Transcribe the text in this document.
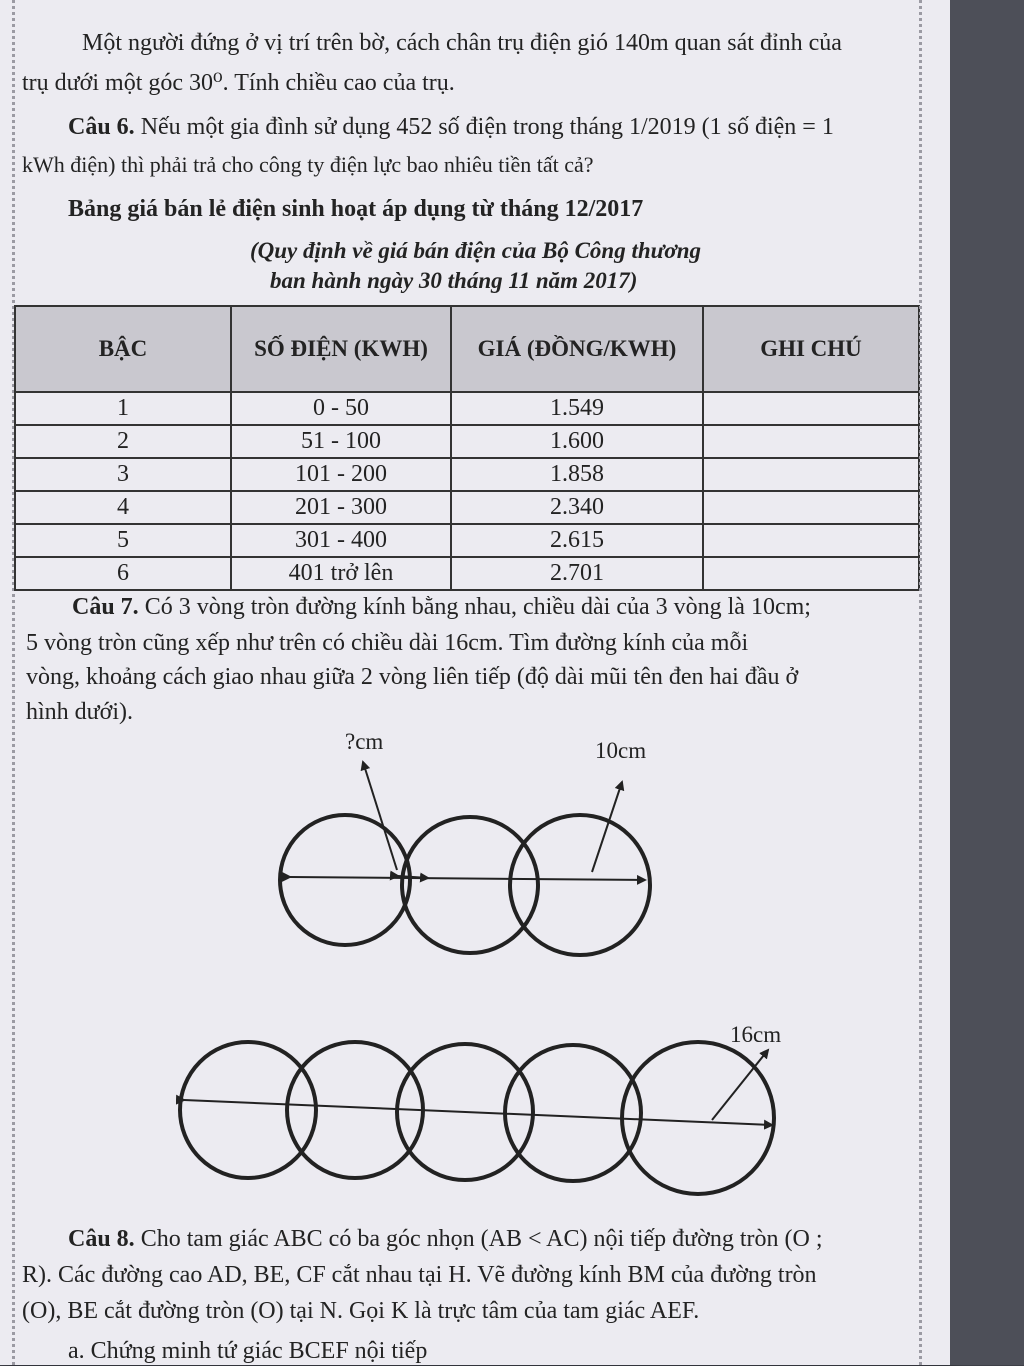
Một người đứng ở vị trí trên bờ, cách chân trụ điện gió 140m quan sát đỉnh của
trụ dưới một góc 30⁰. Tính chiều cao của trụ.
Câu 6. Nếu một gia đình sử dụng 452 số điện trong tháng 1/2019 (1 số điện = 1
kWh điện) thì phải trả cho công ty điện lực bao nhiêu tiền tất cả?
Bảng giá bán lẻ điện sinh hoạt áp dụng từ tháng 12/2017
(Quy định về giá bán điện của Bộ Công thương
ban hành ngày 30 tháng 11 năm 2017)
BẬC	SỐ ĐIỆN (KWH)	GIÁ (ĐỒNG/KWH)	GHI CHÚ
1	0 - 50	1.549	
2	51 - 100	1.600	
3	101 - 200	1.858	
4	201 - 300	2.340	
5	301 - 400	2.615	
6	401 trở lên	2.701	
Câu 7. Có 3 vòng tròn đường kính bằng nhau, chiều dài của 3 vòng là 10cm;
5 vòng tròn cũng xếp như trên có chiều dài 16cm. Tìm đường kính của mỗi
vòng, khoảng cách giao nhau giữa 2 vòng liên tiếp (độ dài mũi tên đen hai đầu ở
hình dưới).
?cm	10cm
16cm
Câu 8. Cho tam giác ABC có ba góc nhọn (AB < AC) nội tiếp đường tròn (O ;
R). Các đường cao AD, BE, CF cắt nhau tại H. Vẽ đường kính BM của đường tròn
(O), BE cắt đường tròn (O) tại N. Gọi K là trực tâm của tam giác AEF.
a. Chứng minh tứ giác BCEF nội tiếp
